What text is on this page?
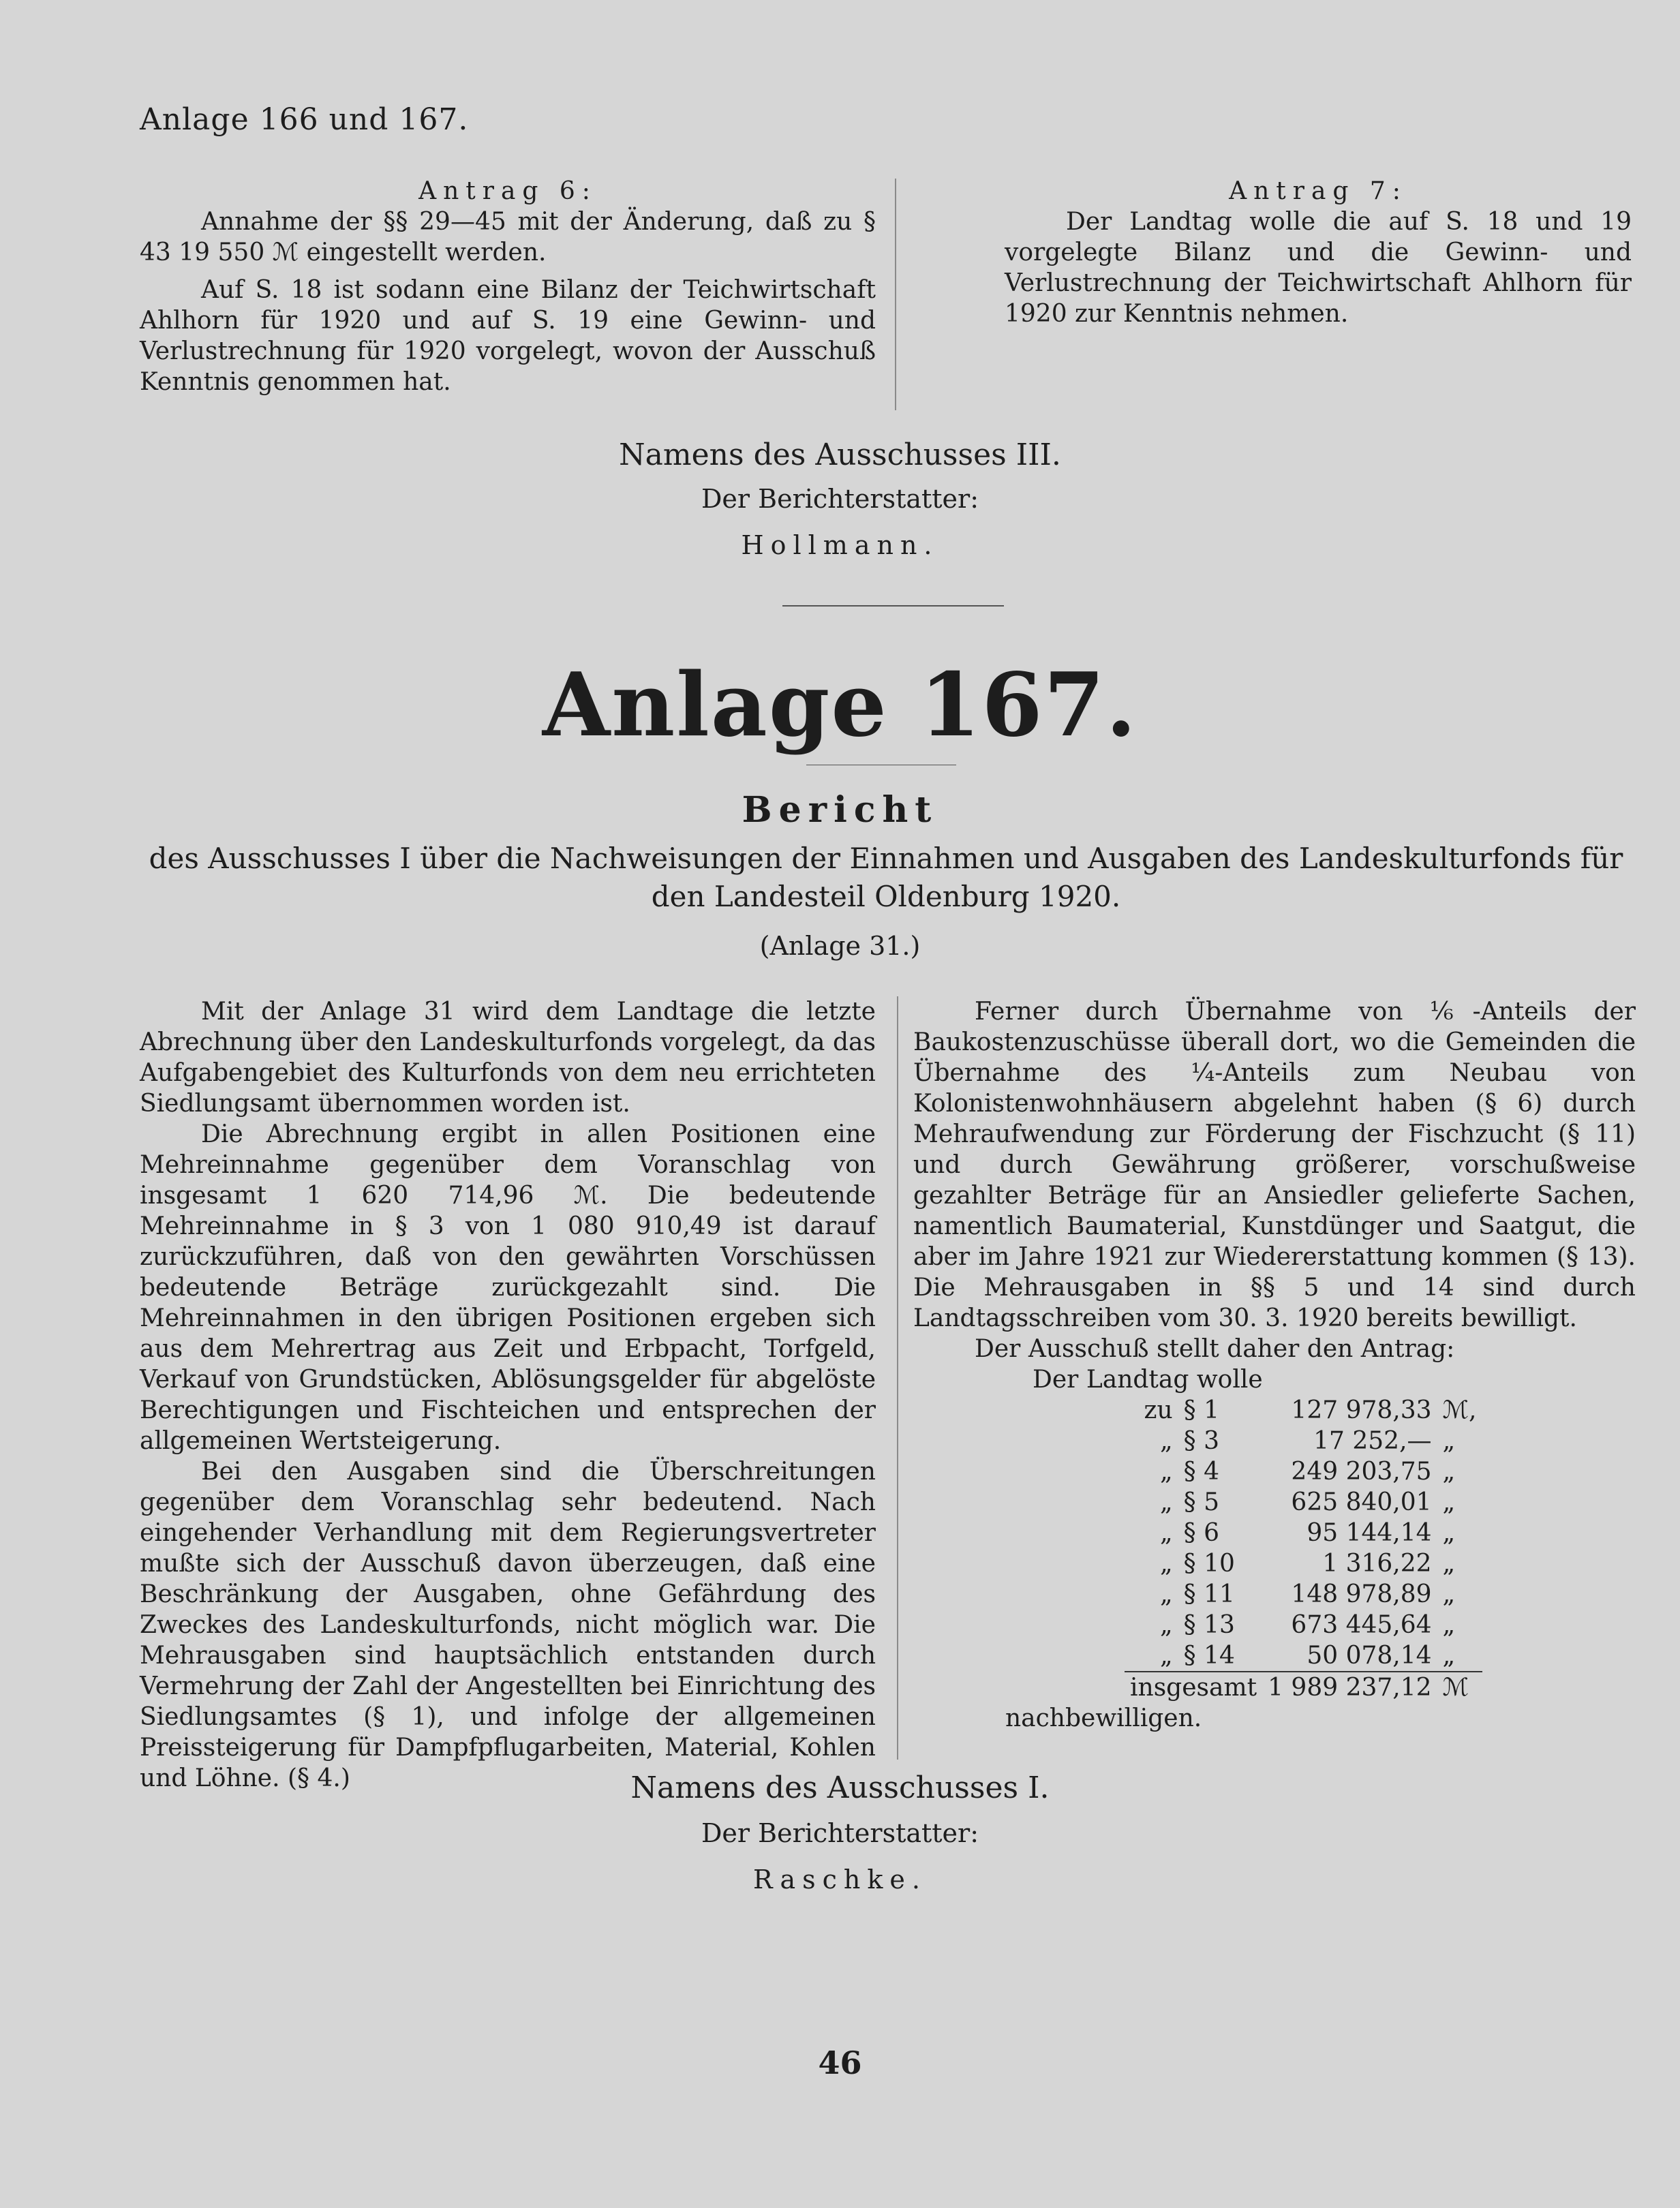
Anlage 166 und 167.
Antrag 6:

Annahme der §§ 29—45 mit der Änderung, daß zu § 43 19 550 ℳ eingestellt werden.

Auf S. 18 ist sodann eine Bilanz der Teichwirtschaft Ahlhorn für 1920 und auf S. 19 eine Gewinn- und Verlustrechnung für 1920 vorgelegt, wovon der Ausschuß Kenntnis genommen hat.

Antrag 7:

Der Landtag wolle die auf S. 18 und 19 vorgelegte Bilanz und die Gewinn- und Verlustrechnung der Teichwirtschaft Ahlhorn für 1920 zur Kenntnis nehmen.

Namens des Ausschusses III.
Der Berichterstatter:
Hollmann.
Anlage 167.
Bericht
des Ausschusses I über die Nachweisungen der Einnahmen und Ausgaben des Landeskulturfonds für den Landesteil Oldenburg 1920.
(Anlage 31.)

Mit der Anlage 31 wird dem Landtage die letzte Abrechnung über den Landeskulturfonds vorgelegt, da das Aufgabengebiet des Kulturfonds von dem neu errichteten Siedlungsamt übernommen worden ist.

Die Abrechnung ergibt in allen Positionen eine Mehreinnahme gegenüber dem Voranschlag von insgesamt 1 620 714,96 ℳ. Die bedeutende Mehreinnahme in § 3 von 1 080 910,49 ist darauf zurückzuführen, daß von den gewährten Vorschüssen bedeutende Beträge zurückgezahlt sind. Die Mehreinnahmen in den übrigen Positionen ergeben sich aus dem Mehrertrag aus Zeit und Erbpacht, Torfgeld, Verkauf von Grundstücken, Ablösungsgelder für abgelöste Berechtigungen und Fischteichen und entsprechen der allgemeinen Wertsteigerung.

Bei den Ausgaben sind die Überschreitungen gegenüber dem Voranschlag sehr bedeutend. Nach eingehender Verhandlung mit dem Regierungsvertreter mußte sich der Ausschuß davon überzeugen, daß eine Beschränkung der Ausgaben, ohne Gefährdung des Zweckes des Landeskulturfonds, nicht möglich war. Die Mehrausgaben sind hauptsächlich entstanden durch Vermehrung der Zahl der Angestellten bei Einrichtung des Siedlungsamtes (§ 1), und infolge der allgemeinen Preissteigerung für Dampfpflugarbeiten, Material, Kohlen und Löhne. (§ 4.)

Ferner durch Übernahme von ⅙-Anteils der Baukostenzuschüsse überall dort, wo die Gemeinden die Übernahme des ¼-Anteils zum Neubau von Kolonistenwohnhäusern abgelehnt haben (§ 6) durch Mehraufwendung zur Förderung der Fischzucht (§ 11) und durch Gewährung größerer, vorschußweise gezahlter Beträge für an Ansiedler gelieferte Sachen, namentlich Baumaterial, Kunstdünger und Saatgut, die aber im Jahre 1921 zur Wiedererstattung kommen (§ 13). Die Mehrausgaben in §§ 5 und 14 sind durch Landtagsschreiben vom 30. 3. 1920 bereits bewilligt.

Der Ausschuß stellt daher den Antrag:

Der Landtag wolle

zu	§ 1	127 978,33	ℳ,
„	§ 3	17 252,—	„
„	§ 4	249 203,75	„
„	§ 5	625 840,01	„
„	§ 6	95 144,14	„
„	§ 10	1 316,22	„
„	§ 11	148 978,89	„
„	§ 13	673 445,64	„
„	§ 14	50 078,14	„
insgesamt		1 989 237,12	ℳ

nachbewilligen.

Namens des Ausschusses I.
Der Berichterstatter:
Raschke.
46
